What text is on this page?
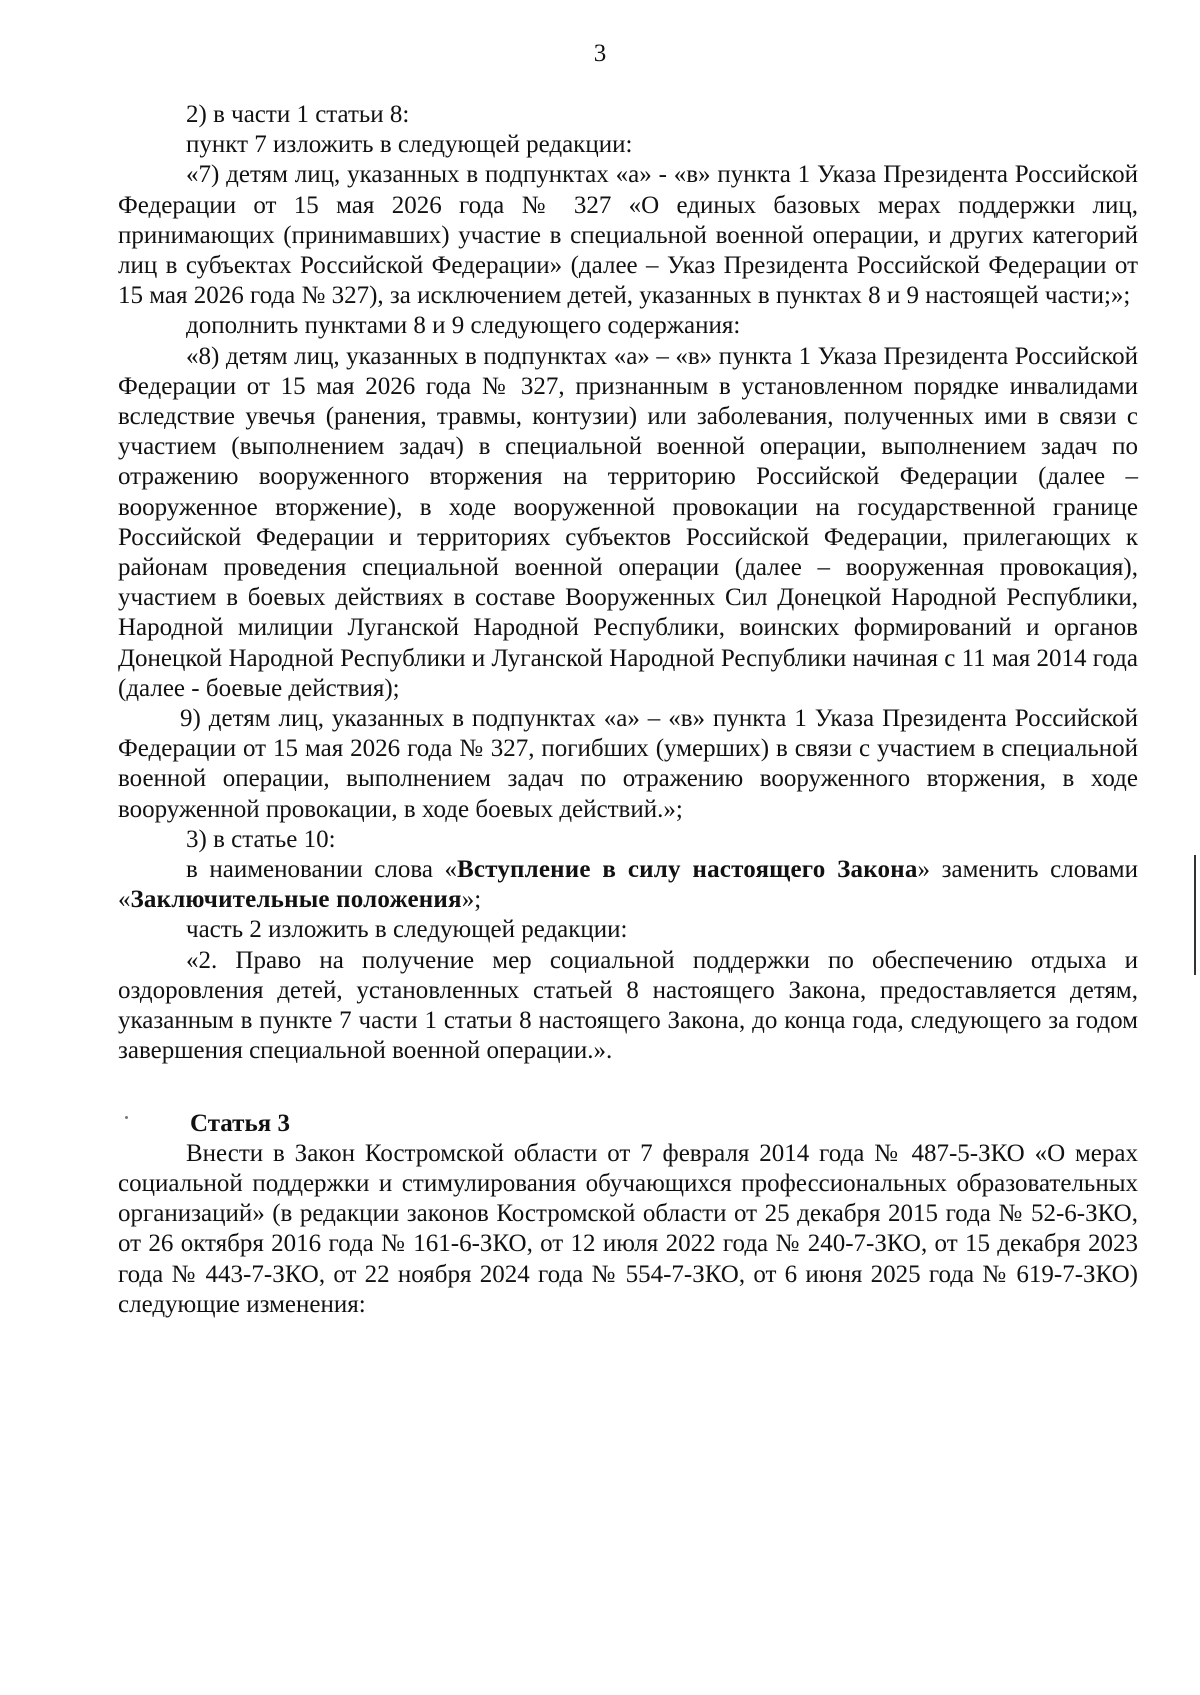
3

2) в части 1 статьи 8:

пункт 7 изложить в следующей редакции:

«7) детям лиц, указанных в подпунктах «а» - «в» пункта 1 Указа Президента Российской Федерации от 15 мая 2026 года № 327 «О единых базовых мерах поддержки лиц, принимающих (принимавших) участие в специальной военной операции, и других категорий лиц в субъектах Российской Федерации» (далее – Указ Президента Российской Федерации от 15 мая 2026 года № 327), за исключением детей, указанных в пунктах 8 и 9 настоящей части;»;

дополнить пунктами 8 и 9 следующего содержания:

«8) детям лиц, указанных в подпунктах «а» – «в» пункта 1 Указа Президента Российской Федерации от 15 мая 2026 года № 327, признанным в установленном порядке инвалидами вследствие увечья (ранения, травмы, контузии) или заболевания, полученных ими в связи с участием (выполнением задач) в специальной военной операции, выполнением задач по отражению вооруженного вторжения на территорию Российской Федерации (далее – вооруженное вторжение), в ходе вооруженной провокации на государственной границе Российской Федерации и территориях субъектов Российской Федерации, прилегающих к районам проведения специальной военной операции (далее – вооруженная провокация), участием в боевых действиях в составе Вооруженных Сил Донецкой Народной Республики, Народной милиции Луганской Народной Республики, воинских формирований и органов Донецкой Народной Республики и Луганской Народной Республики начиная с 11 мая 2014 года (далее - боевые действия);

9) детям лиц, указанных в подпунктах «а» – «в» пункта 1 Указа Президента Российской Федерации от 15 мая 2026 года № 327, погибших (умерших) в связи с участием в специальной военной операции, выполнением задач по отражению вооруженного вторжения, в ходе вооруженной провокации, в ходе боевых действий.»;

3) в статье 10:

в наименовании слова «Вступление в силу настоящего Закона» заменить словами «Заключительные положения»;

часть 2 изложить в следующей редакции:

«2. Право на получение мер социальной поддержки по обеспечению отдыха и оздоровления детей, установленных статьей 8 настоящего Закона, предоставляется детям, указанным в пункте 7 части 1 статьи 8 настоящего Закона, до конца года, следующего за годом завершения специальной военной операции.».

Статья 3

Внести в Закон Костромской области от 7 февраля 2014 года № 487-5-ЗКО «О мерах социальной поддержки и стимулирования обучающихся профессиональных образовательных организаций» (в редакции законов Костромской области от 25 декабря 2015 года № 52-6-ЗКО, от 26 октября 2016 года № 161-6-ЗКО, от 12 июля 2022 года № 240-7-ЗКО, от 15 декабря 2023 года № 443-7-ЗКО, от 22 ноября 2024 года № 554-7-ЗКО, от 6 июня 2025 года № 619-7-ЗКО) следующие изменения:
